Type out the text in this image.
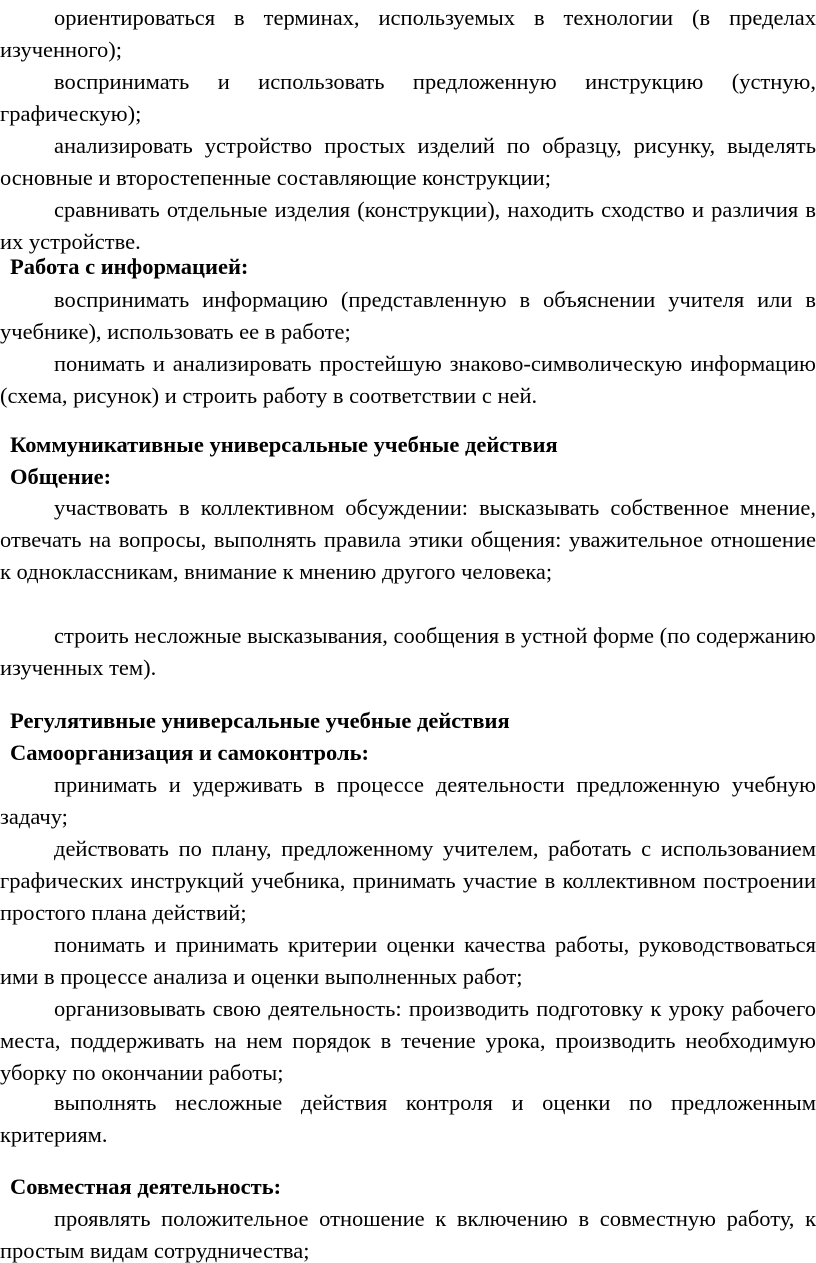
ориентироваться в терминах, используемых в технологии (в пределах изученного);

воспринимать и использовать предложенную инструкцию (устную, графическую);

анализировать устройство простых изделий по образцу, рисунку, выделять основные и второстепенные составляющие конструкции;

сравнивать отдельные изделия (конструкции), находить сходство и различия в их устройстве.

Работа с информацией:

воспринимать информацию (представленную в объяснении учителя или в учебнике), использовать ее в работе;

понимать и анализировать простейшую знаково-символическую информацию (схема, рисунок) и строить работу в соответствии с ней.

Коммуникативные универсальные учебные действия
Общение:

участвовать в коллективном обсуждении: высказывать собственное мнение, отвечать на вопросы, выполнять правила этики общения: уважительное отношение к одноклассникам, внимание к мнению другого человека;

строить несложные высказывания, сообщения в устной форме (по содержанию изученных тем).

Регулятивные универсальные учебные действия
Самоорганизация и самоконтроль:

принимать и удерживать в процессе деятельности предложенную учебную задачу;

действовать по плану, предложенному учителем, работать с использованием графических инструкций учебника, принимать участие в коллективном построении простого плана действий;

понимать и принимать критерии оценки качества работы, руководствоваться ими в процессе анализа и оценки выполненных работ;

организовывать свою деятельность: производить подготовку к уроку рабочего места, поддерживать на нем порядок в течение урока, производить необходимую уборку по окончании работы;

выполнять несложные действия контроля и оценки по предложенным критериям.

Совместная деятельность:

проявлять положительное отношение к включению в совместную работу, к простым видам сотрудничества;
